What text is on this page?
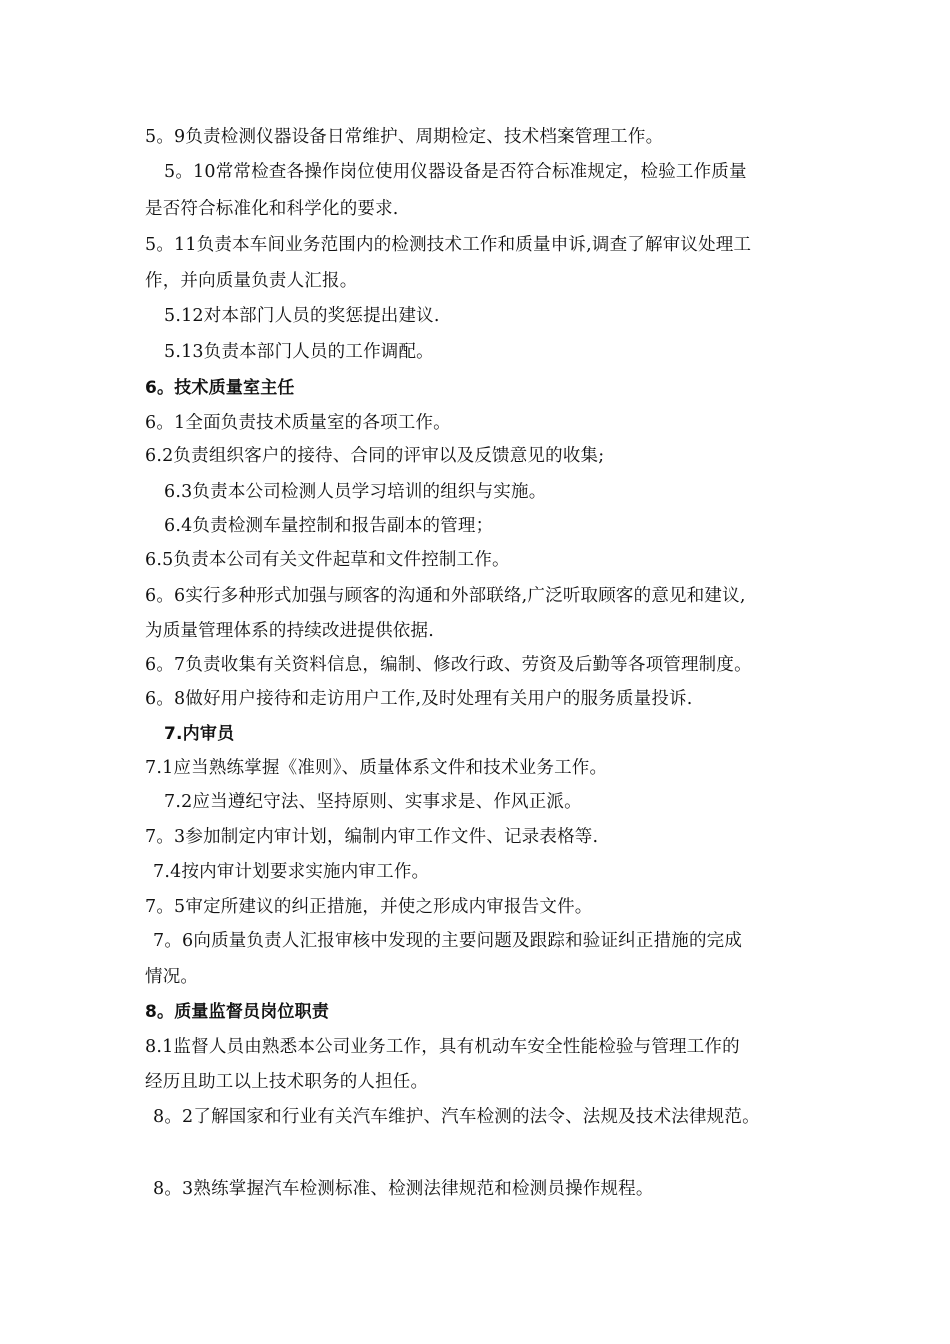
5。9负责检测仪器设备日常维护、周期检定、技术档案管理工作。
5。10常常检查各操作岗位使用仪器设备是否符合标准规定，检验工作质量
是否符合标准化和科学化的要求.
5。11负责本车间业务范围内的检测技术工作和质量申诉,调查了解审议处理工
作，并向质量负责人汇报。
5.12对本部门人员的奖惩提出建议.
5.13负责本部门人员的工作调配。
6。技术质量室主任
6。1全面负责技术质量室的各项工作。
6.2负责组织客户的接待、合同的评审以及反馈意见的收集;
6.3负责本公司检测人员学习培训的组织与实施。
6.4负责检测车量控制和报告副本的管理；
6.5负责本公司有关文件起草和文件控制工作。
6。6实行多种形式加强与顾客的沟通和外部联络,广泛听取顾客的意见和建议,
为质量管理体系的持续改进提供依据.
6。7负责收集有关资料信息，编制、修改行政、劳资及后勤等各项管理制度。
6。8做好用户接待和走访用户工作,及时处理有关用户的服务质量投诉.
7.内审员
7.1应当熟练掌握《准则》、质量体系文件和技术业务工作。
7.2应当遵纪守法、坚持原则、实事求是、作风正派。
7。3参加制定内审计划，编制内审工作文件、记录表格等.
7.4按内审计划要求实施内审工作。
7。5审定所建议的纠正措施，并使之形成内审报告文件。
7。6向质量负责人汇报审核中发现的主要问题及跟踪和验证纠正措施的完成
情况。
8。质量监督员岗位职责
8.1监督人员由熟悉本公司业务工作，具有机动车安全性能检验与管理工作的
经历且助工以上技术职务的人担任。
8。2了解国家和行业有关汽车维护、汽车检测的法令、法规及技术法律规范。
8。3熟练掌握汽车检测标准、检测法律规范和检测员操作规程。
